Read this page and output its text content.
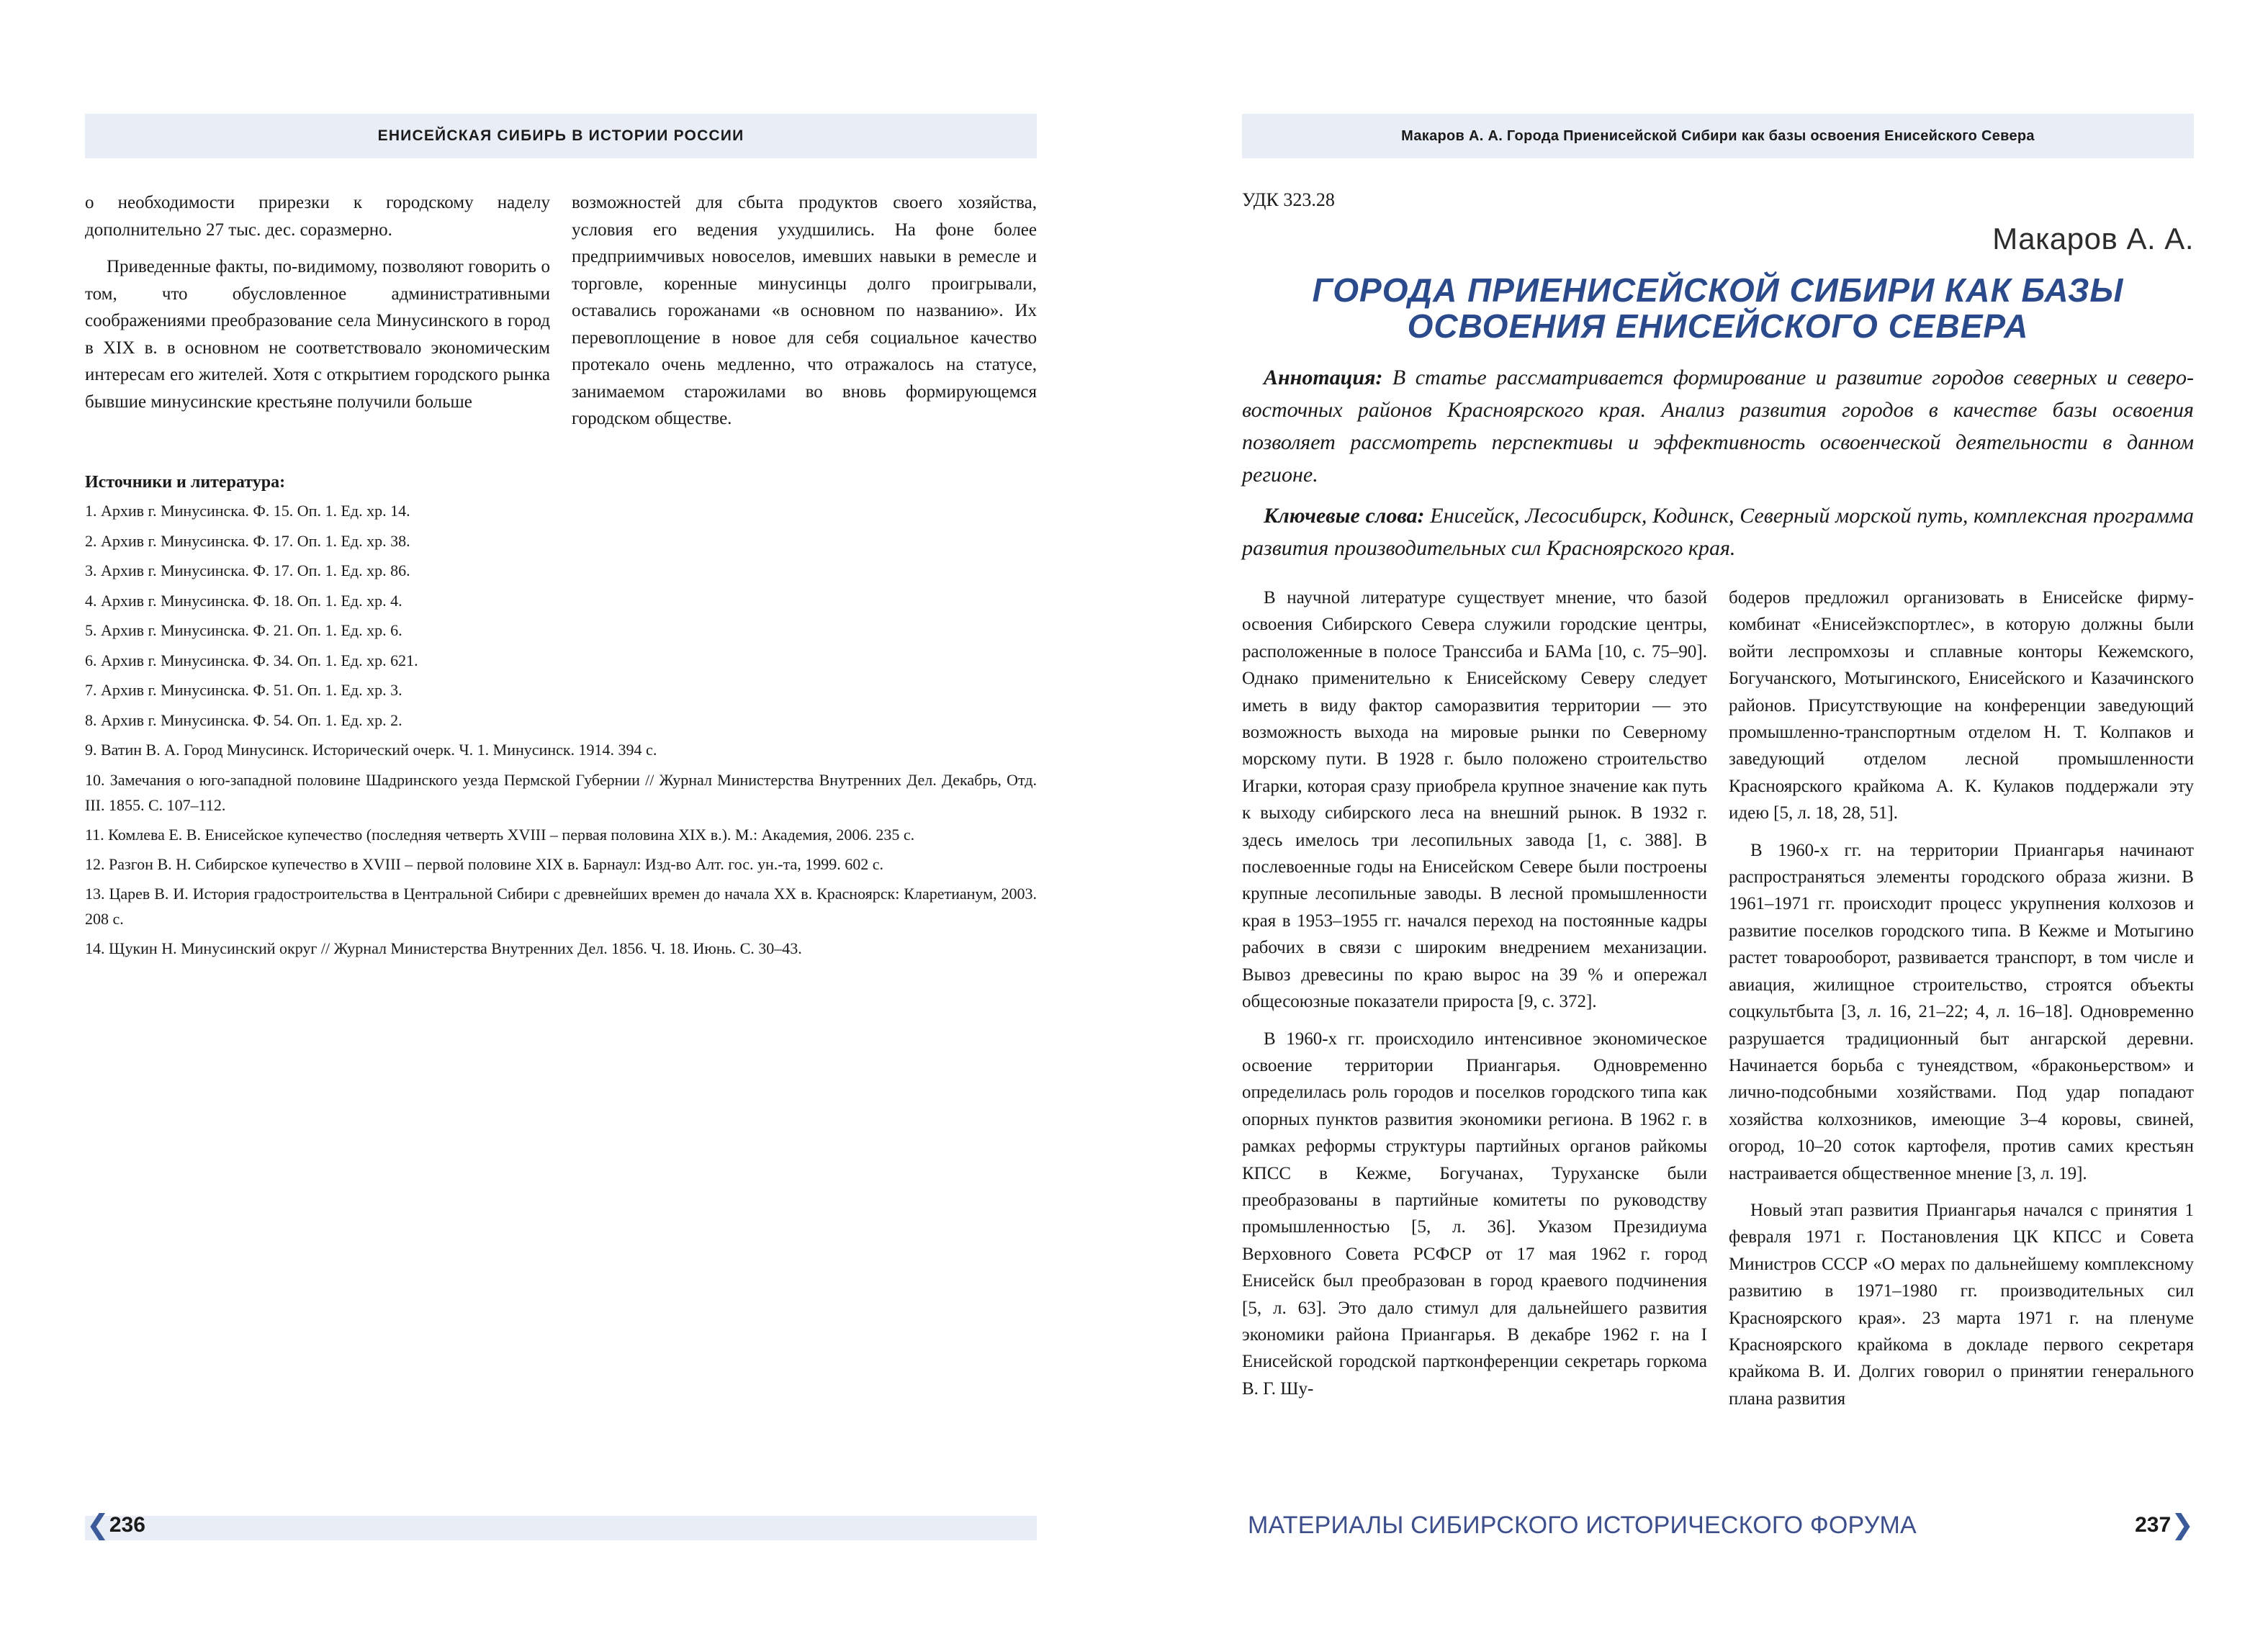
ЕНИСЕЙСКАЯ СИБИРЬ В ИСТОРИИ РОССИИ

о необходимости прирезки к городскому наделу дополнительно 27 тыс. дес. соразмерно.

Приведенные факты, по-видимому, позволяют говорить о том, что обусловленное административными соображениями преобразование села Минусинского в город в XIX в. в основном не соответствовало экономическим интересам его жителей. Хотя с открытием городского рынка бывшие минусинские крестьяне получили больше

возможностей для сбыта продуктов своего хозяйства, условия его ведения ухудшились. На фоне более предприимчивых новоселов, имевших навыки в ремесле и торговле, коренные минусинцы долго проигрывали, оставались горожанами «в основном по названию». Их перевоплощение в новое для себя социальное качество протекало очень медленно, что отражалось на статусе, занимаемом старожилами во вновь формирующемся городском обществе.

Источники и литература:
1. Архив г. Минусинска. Ф. 15. Оп. 1. Ед. хр. 14.
2. Архив г. Минусинска. Ф. 17. Оп. 1. Ед. хр. 38.
3. Архив г. Минусинска. Ф. 17. Оп. 1. Ед. хр. 86.
4. Архив г. Минусинска. Ф. 18. Оп. 1. Ед. хр. 4.
5. Архив г. Минусинска. Ф. 21. Оп. 1. Ед. хр. 6.
6. Архив г. Минусинска. Ф. 34. Оп. 1. Ед. хр. 621.
7. Архив г. Минусинска. Ф. 51. Оп. 1. Ед. хр. 3.
8. Архив г. Минусинска. Ф. 54. Оп. 1. Ед. хр. 2.
9. Ватин В. А. Город Минусинск. Исторический очерк. Ч. 1. Минусинск. 1914. 394 с.
10. Замечания о юго-западной половине Шадринского уезда Пермской Губернии // Журнал Министерства Внутренних Дел. Декабрь, Отд. III. 1855. С. 107–112.
11. Комлева Е. В. Енисейское купечество (последняя четверть XVIII – первая половина XIX в.). М.: Академия, 2006. 235 с.
12. Разгон В. Н. Сибирское купечество в XVIII – первой половине XIX в. Барнаул: Изд-во Алт. гос. ун.-та, 1999. 602 с.
13. Царев В. И. История градостроительства в Центральной Сибири с древнейших времен до начала XX в. Красноярск: Кларетианум, 2003. 208 с.
14. Щукин Н. Минусинский округ // Журнал Министерства Внутренних Дел. 1856. Ч. 18. Июнь. С. 30–43.
❮ 236
Макаров А. А. Города Приенисейской Сибири как базы освоения Енисейского Севера
УДК 323.28
Макаров А. А.
ГОРОДА ПРИЕНИСЕЙСКОЙ СИБИРИ КАК БАЗЫ
ОСВОЕНИЯ ЕНИСЕЙСКОГО СЕВЕРА

Аннотация: В статье рассматривается формирование и развитие городов северных и северо-восточных районов Красноярского края. Анализ развития городов в качестве базы освоения позволяет рассмотреть перспективы и эффективность освоенческой деятельности в данном регионе.

Ключевые слова: Енисейск, Лесосибирск, Кодинск, Северный морской путь, комплексная программа развития производительных сил Красноярского края.

В научной литературе существует мнение, что базой освоения Сибирского Севера служили городские центры, расположенные в полосе Транссиба и БАМа [10, с. 75–90]. Однако применительно к Енисейскому Северу следует иметь в виду фактор саморазвития территории — это возможность выхода на мировые рынки по Северному морскому пути. В 1928 г. было положено строительство Игарки, которая сразу приобрела крупное значение как путь к выходу сибирского леса на внешний рынок. В 1932 г. здесь имелось три лесопильных завода [1, с. 388]. В послевоенные годы на Енисейском Севере были построены крупные лесопильные заводы. В лесной промышленности края в 1953–1955 гг. начался переход на постоянные кадры рабочих в связи с широким внедрением механизации. Вывоз древесины по краю вырос на 39 % и опережал общесоюзные показатели прироста [9, с. 372].

В 1960-х гг. происходило интенсивное экономическое освоение территории Приангарья. Одновременно определилась роль городов и поселков городского типа как опорных пунктов развития экономики региона. В 1962 г. в рамках реформы структуры партийных органов райкомы КПСС в Кежме, Богучанах, Туруханске были преобразованы в партийные комитеты по руководству промышленностью [5, л. 36]. Указом Президиума Верховного Совета РСФСР от 17 мая 1962 г. город Енисейск был преобразован в город краевого подчинения [5, л. 63]. Это дало стимул для дальнейшего развития экономики района Приангарья. В декабре 1962 г. на I Енисейской городской партконференции секретарь горкома В. Г. Шу-

бодеров предложил организовать в Енисейске фирму-комбинат «Енисейэкспортлес», в которую должны были войти леспромхозы и сплавные конторы Кежемского, Богучанского, Мотыгинского, Енисейского и Казачинского районов. Присутствующие на конференции заведующий промышленно-транспортным отделом Н. Т. Колпаков и заведующий отделом лесной промышленности Красноярского крайкома А. К. Кулаков поддержали эту идею [5, л. 18, 28, 51].

В 1960-х гг. на территории Приангарья начинают распространяться элементы городского образа жизни. В 1961–1971 гг. происходит процесс укрупнения колхозов и развитие поселков городского типа. В Кежме и Мотыгино растет товарооборот, развивается транспорт, в том числе и авиация, жилищное строительство, строятся объекты соцкультбыта [3, л. 16, 21–22; 4, л. 16–18]. Одновременно разрушается традиционный быт ангарской деревни. Начинается борьба с тунеядством, «браконьерством» и лично-подсобными хозяйствами. Под удар попадают хозяйства колхозников, имеющие 3–4 коровы, свиней, огород, 10–20 соток картофеля, против самих крестьян настраивается общественное мнение [3, л. 19].

Новый этап развития Приангарья начался с принятия 1 февраля 1971 г. Постановления ЦК КПСС и Совета Министров СССР «О мерах по дальнейшему комплексному развитию в 1971–1980 гг. производительных сил Красноярского края». 23 марта 1971 г. на пленуме Красноярского крайкома в докладе первого секретаря крайкома В. И. Долгих говорил о принятии генерального плана развития

МАТЕРИАЛЫ СИБИРСКОГО ИСТОРИЧЕСКОГО ФОРУМА	237 ❯
